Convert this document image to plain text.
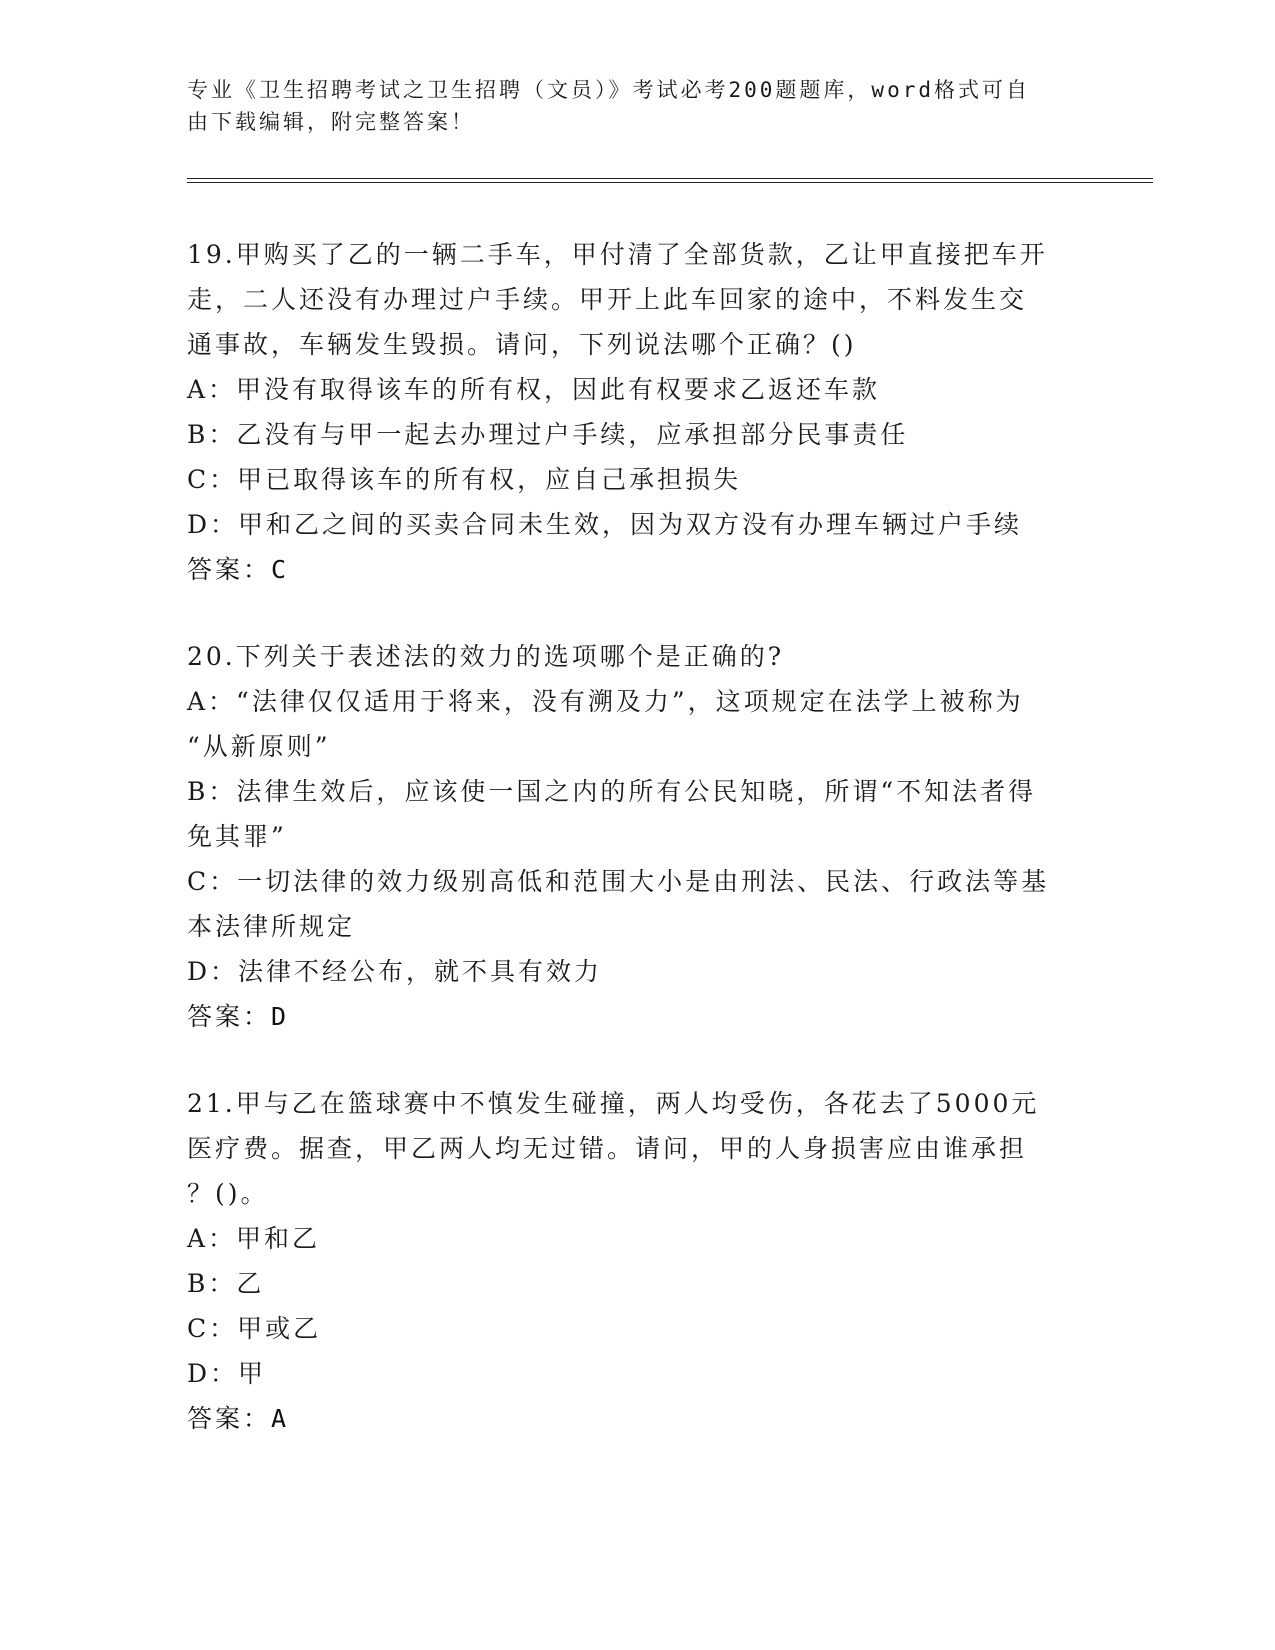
专业《卫生招聘考试之卫生招聘（文员）》考试必考200题题库，word格式可自
由下载编辑，附完整答案！
19.甲购买了乙的一辆二手车，甲付清了全部货款，乙让甲直接把车开
走，二人还没有办理过户手续。甲开上此车回家的途中，不料发生交
通事故，车辆发生毁损。请问，下列说法哪个正确？()
A：甲没有取得该车的所有权，因此有权要求乙返还车款
B：乙没有与甲一起去办理过户手续，应承担部分民事责任
C：甲已取得该车的所有权，应自己承担损失
D：甲和乙之间的买卖合同未生效，因为双方没有办理车辆过户手续
答案：C
20.下列关于表述法的效力的选项哪个是正确的?
A：“法律仅仅适用于将来，没有溯及力”，这项规定在法学上被称为
“从新原则”
B：法律生效后，应该使一国之内的所有公民知晓，所谓“不知法者得
免其罪”
C：一切法律的效力级别高低和范围大小是由刑法、民法、行政法等基
本法律所规定
D：法律不经公布，就不具有效力
答案：D
21.甲与乙在篮球赛中不慎发生碰撞，两人均受伤，各花去了5000元
医疗费。据查，甲乙两人均无过错。请问，甲的人身损害应由谁承担
？()。
A：甲和乙
B：乙
C：甲或乙
D：甲
答案：A
